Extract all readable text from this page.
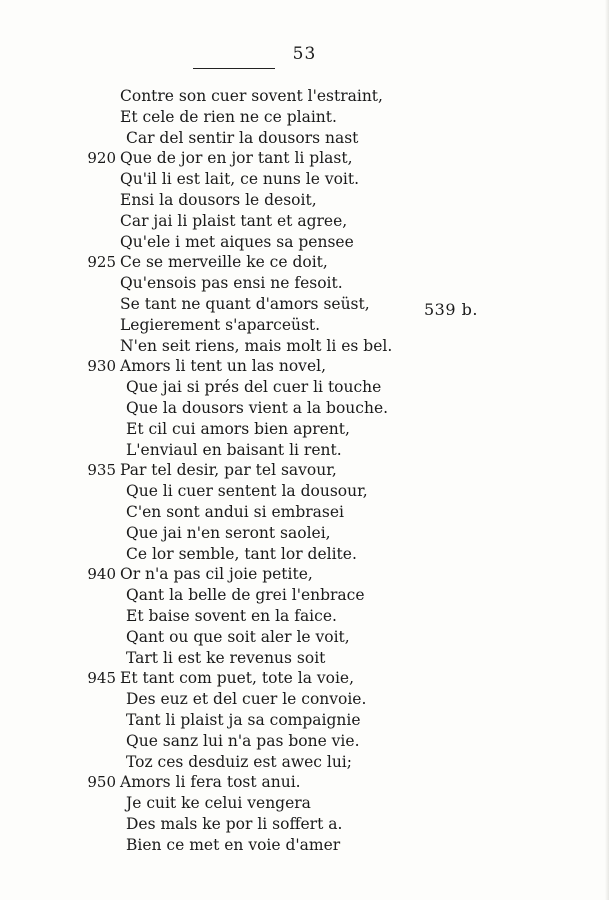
53
Contre son cuer sovent l'estraint,
Et cele de rien ne ce plaint.
Car del sentir la dousors nast
920 Que de jor en jor tant li plast,
Qu'il li est lait, ce nuns le voit.
Ensi la dousors le desoit,
Car jai li plaist tant et agree,
Qu'ele i met aiques sa pensee
925 Ce se merveille ke ce doit,
Qu'ensois pas ensi ne fesoit.
Se tant ne quant d'amors seüst,
Legierement s'aparceüst.
N'en seit riens, mais molt li es bel.
930 Amors li tent un las novel,
Que jai si prés del cuer li touche
Que la dousors vient a la bouche.
Et cil cui amors bien aprent,
L'enviaul en baisant li rent.
935 Par tel desir, par tel savour,
Que li cuer sentent la dousour,
C'en sont andui si embrasei
Que jai n'en seront saolei,
Ce lor semble, tant lor delite.
940 Or n'a pas cil joie petite,
Qant la belle de grei l'enbrace
Et baise sovent en la faice.
Qant ou que soit aler le voit,
Tart li est ke revenus soit
945 Et tant com puet, tote la voie,
Des euz et del cuer le convoie.
Tant li plaist ja sa compaignie
Que sanz lui n'a pas bone vie.
Toz ces desduiz est awec lui;
950 Amors li fera tost anui.
Je cuit ke celui vengera
Des mals ke por li soffert a.
Bien ce met en voie d'amer
539 b.
